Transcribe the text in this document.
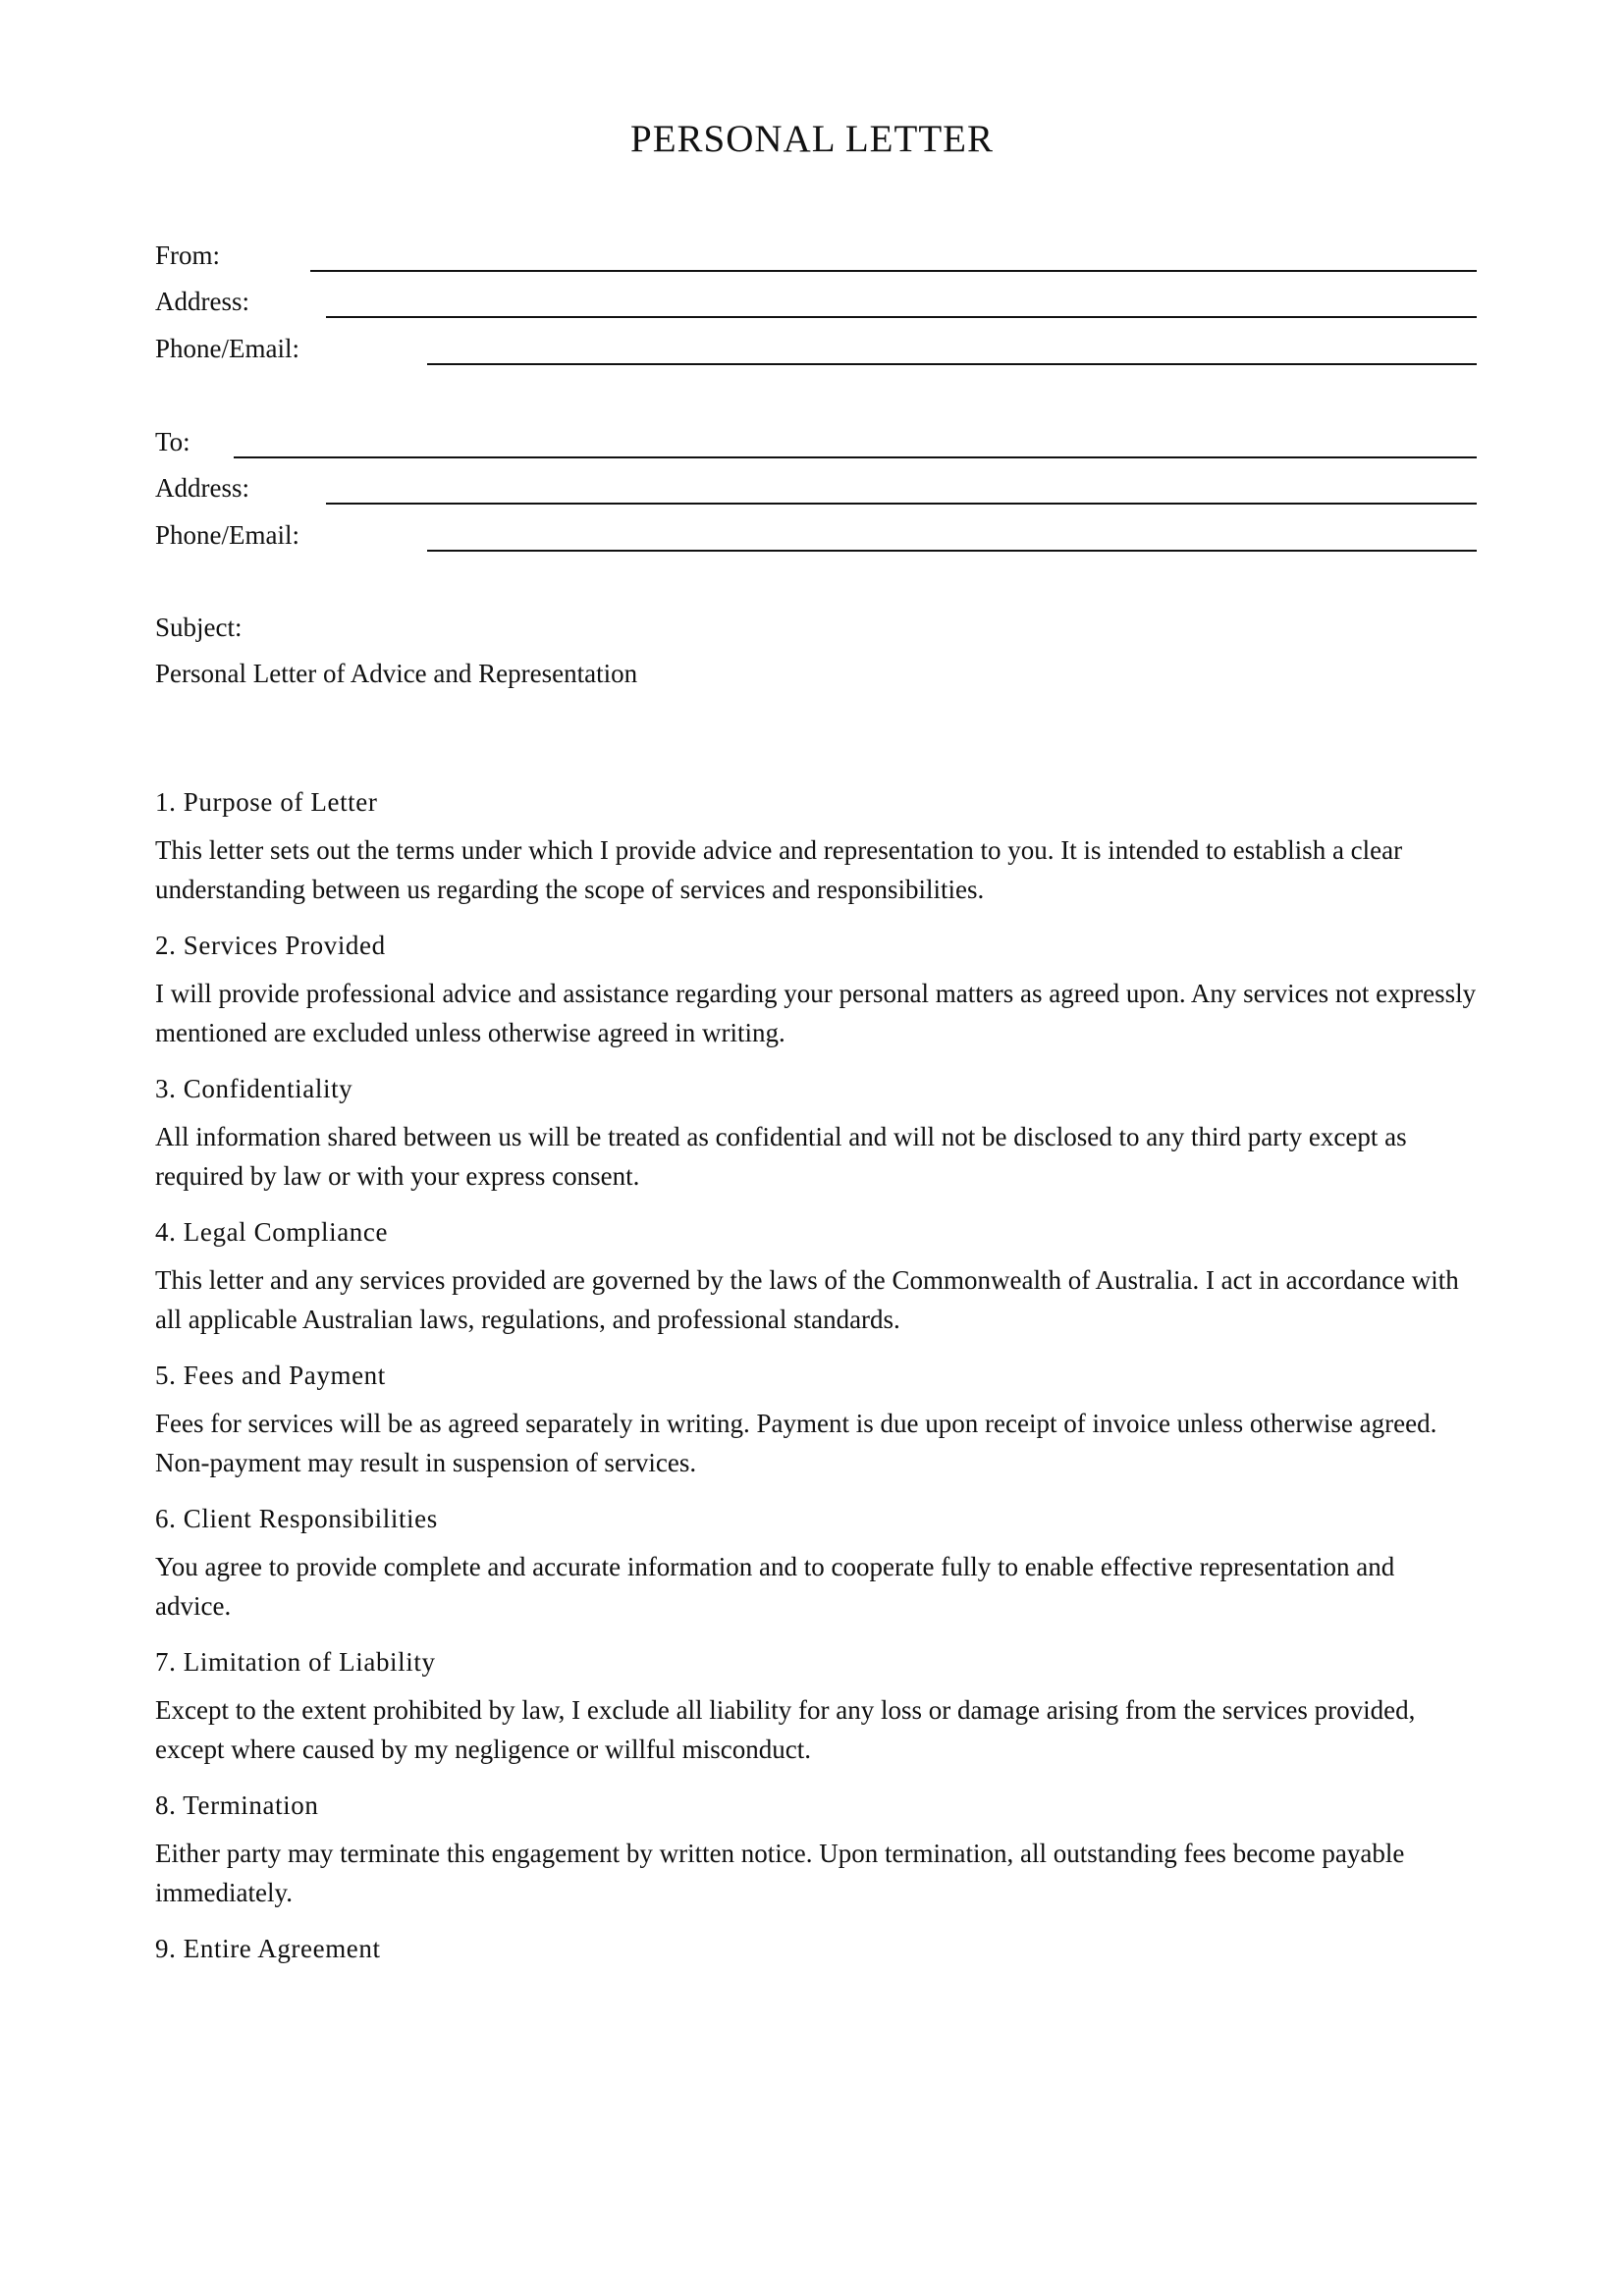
PERSONAL LETTER
From:
Address:
Phone/Email:
To:
Address:
Phone/Email:
Subject:
Personal Letter of Advice and Representation
1. Purpose of Letter
This letter sets out the terms under which I provide advice and representation to you. It is intended to establish a clear understanding between us regarding the scope of services and responsibilities.
2. Services Provided
I will provide professional advice and assistance regarding your personal matters as agreed upon. Any services not expressly mentioned are excluded unless otherwise agreed in writing.
3. Confidentiality
All information shared between us will be treated as confidential and will not be disclosed to any third party except as required by law or with your express consent.
4. Legal Compliance
This letter and any services provided are governed by the laws of the Commonwealth of Australia. I act in accordance with all applicable Australian laws, regulations, and professional standards.
5. Fees and Payment
Fees for services will be as agreed separately in writing. Payment is due upon receipt of invoice unless otherwise agreed. Non-payment may result in suspension of services.
6. Client Responsibilities
You agree to provide complete and accurate information and to cooperate fully to enable effective representation and advice.
7. Limitation of Liability
Except to the extent prohibited by law, I exclude all liability for any loss or damage arising from the services provided, except where caused by my negligence or willful misconduct.
8. Termination
Either party may terminate this engagement by written notice. Upon termination, all outstanding fees become payable immediately.
9. Entire Agreement
